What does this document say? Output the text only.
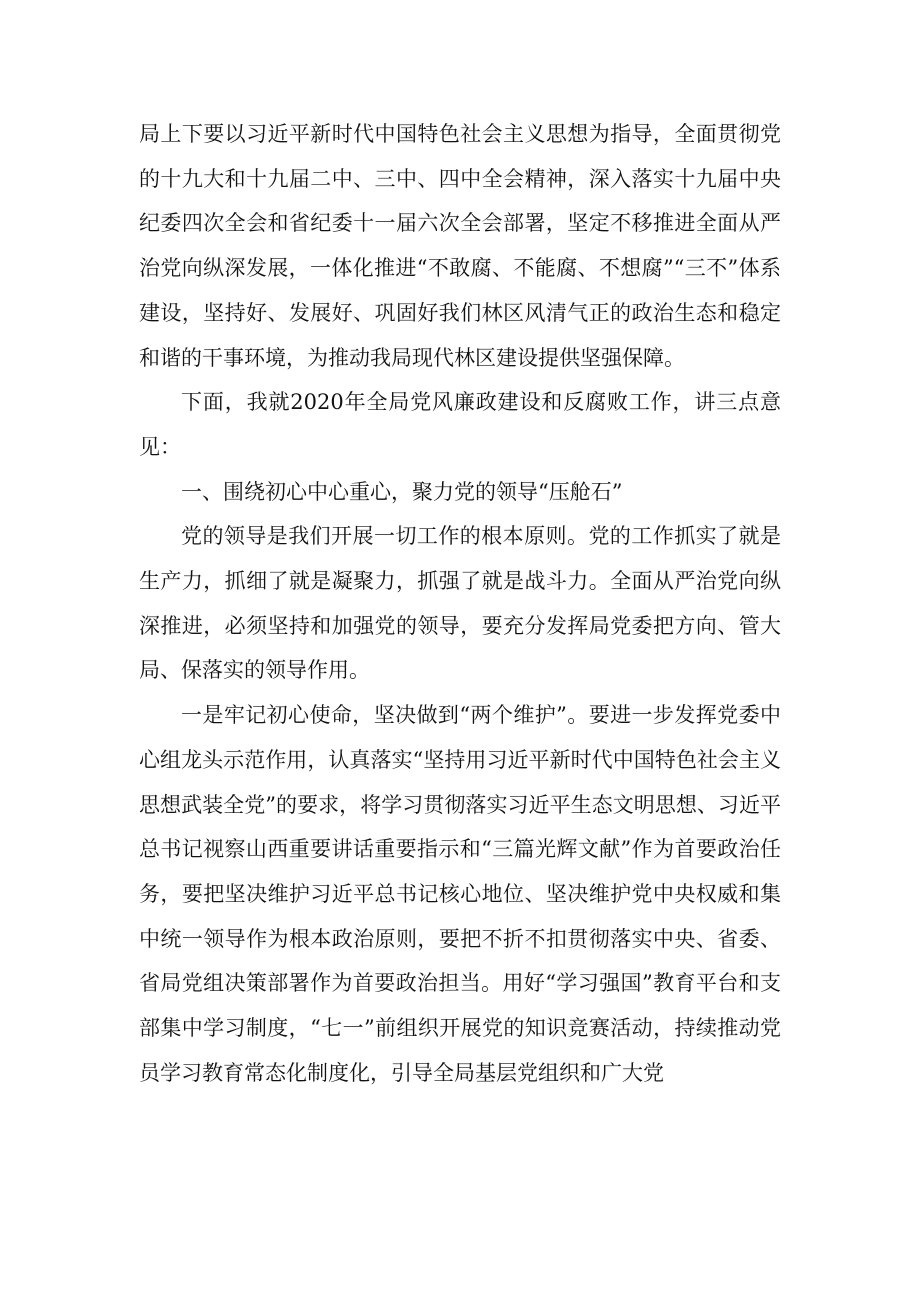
局上下要以习近平新时代中国特色社会主义思想为指导，全面贯彻党的十九大和十九届二中、三中、四中全会精神，深入落实十九届中央纪委四次全会和省纪委十一届六次全会部署，坚定不移推进全面从严治党向纵深发展，一体化推进“不敢腐、不能腐、不想腐”“三不”体系建设，坚持好、发展好、巩固好我们林区风清气正的政治生态和稳定和谐的干事环境，为推动我局现代林区建设提供坚强保障。

下面，我就2020年全局党风廉政建设和反腐败工作，讲三点意见：

一、围绕初心中心重心，聚力党的领导“压舱石”

党的领导是我们开展一切工作的根本原则。党的工作抓实了就是生产力，抓细了就是凝聚力，抓强了就是战斗力。全面从严治党向纵深推进，必须坚持和加强党的领导，要充分发挥局党委把方向、管大局、保落实的领导作用。

一是牢记初心使命，坚决做到“两个维护”。要进一步发挥党委中心组龙头示范作用，认真落实“坚持用习近平新时代中国特色社会主义思想武装全党”的要求，将学习贯彻落实习近平生态文明思想、习近平总书记视察山西重要讲话重要指示和“三篇光辉文献”作为首要政治任务，要把坚决维护习近平总书记核心地位、坚决维护党中央权威和集中统一领导作为根本政治原则，要把不折不扣贯彻落实中央、省委、省局党组决策部署作为首要政治担当。用好“学习强国”教育平台和支部集中学习制度，“七一”前组织开展党的知识竞赛活动，持续推动党员学习教育常态化制度化，引导全局基层党组织和广大党
